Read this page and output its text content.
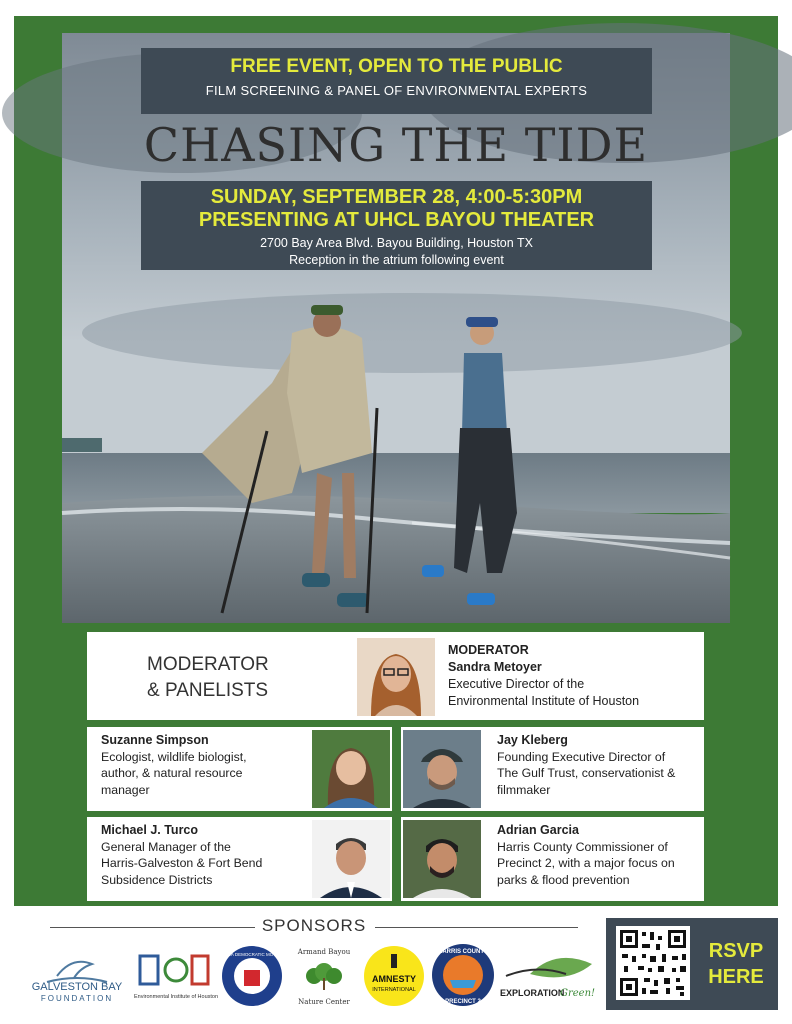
FREE EVENT, OPEN TO THE PUBLIC
FILM SCREENING & PANEL OF ENVIRONMENTAL EXPERTS
CHASING THE TIDE
SUNDAY, SEPTEMBER 28, 4:00-5:30PM
PRESENTING AT UHCL BAYOU THEATER
2700 Bay Area Blvd. Bayou Building, Houston TX
Reception in the atrium following event
MODERATOR
& PANELISTS
MODERATOR
Sandra Metoyer
Executive Director of the
Environmental Institute of Houston
Suzanne Simpson
Ecologist, wildlife biologist,
author, & natural resource
manager
Jay Kleberg
Founding Executive Director of
The Gulf Trust, conservationist &
filmmaker
Michael J. Turco
General Manager of the
Harris-Galveston & Fort Bend
Subsidence Districts
Adrian Garcia
Harris County Commissioner of
Precinct 2, with a major focus on
parks & flood prevention
SPONSORS
GALVESTON BAY
FOUNDATION	Environmental Institute of Houston
BAY AREA DEMOCRATIC MOVEMENT Armand Bayou
Nature Center
AMNESTY
INTERNATIONAL
HARRIS COUNTY
PRECINCT 2
EXPLORATION
Green!
RSVP
HERE
